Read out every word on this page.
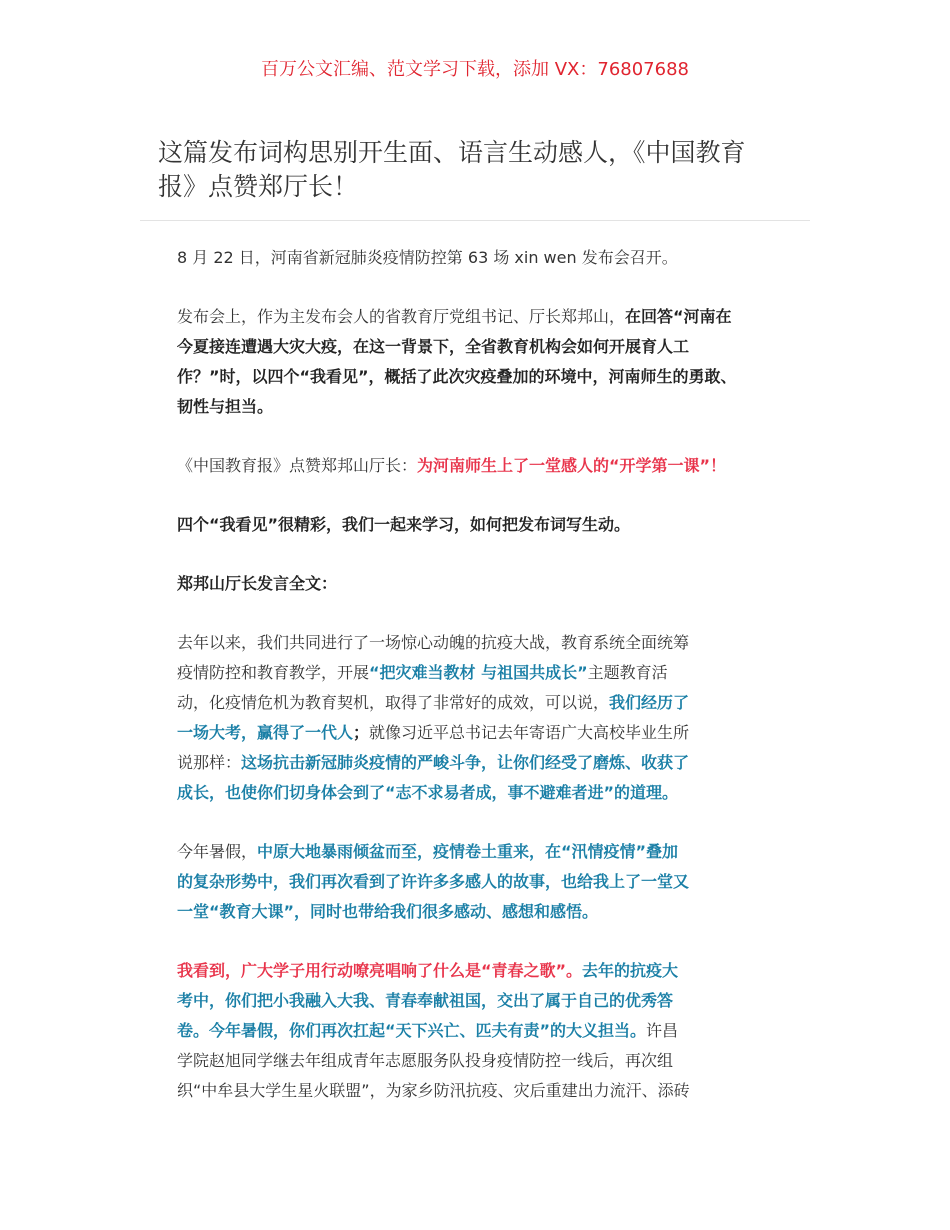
百万公文汇编、范文学习下载，添加 VX：76807688
这篇发布词构思别开生面、语言生动感人，《中国教育
报》点赞郑厅长！
8 月 22 日，河南省新冠肺炎疫情防控第 63 场 xin wen 发布会召开。
发布会上，作为主发布会人的省教育厅党组书记、厅长郑邦山，在回答“河南在
今夏接连遭遇大灾大疫，在这一背景下，全省教育机构会如何开展育人工
作？”时，以四个“我看见”，概括了此次灾疫叠加的环境中，河南师生的勇敢、
韧性与担当。
《中国教育报》点赞郑邦山厅长：为河南师生上了一堂感人的“开学第一课”！
四个“我看见”很精彩，我们一起来学习，如何把发布词写生动。
郑邦山厅长发言全文：
去年以来，我们共同进行了一场惊心动魄的抗疫大战，教育系统全面统筹
疫情防控和教育教学，开展“把灾难当教材 与祖国共成长”主题教育活
动，化疫情危机为教育契机，取得了非常好的成效，可以说，我们经历了
一场大考，赢得了一代人；就像习近平总书记去年寄语广大高校毕业生所
说那样：这场抗击新冠肺炎疫情的严峻斗争，让你们经受了磨炼、收获了
成长，也使你们切身体会到了“志不求易者成，事不避难者进”的道理。
今年暑假，中原大地暴雨倾盆而至，疫情卷土重来，在“汛情疫情”叠加
的复杂形势中，我们再次看到了许许多多感人的故事，也给我上了一堂又
一堂“教育大课”，同时也带给我们很多感动、感想和感悟。
我看到，广大学子用行动嘹亮唱响了什么是“青春之歌”。去年的抗疫大
考中，你们把小我融入大我、青春奉献祖国，交出了属于自己的优秀答
卷。今年暑假，你们再次扛起“天下兴亡、匹夫有责”的大义担当。许昌
学院赵旭同学继去年组成青年志愿服务队投身疫情防控一线后，再次组
织“中牟县大学生星火联盟”，为家乡防汛抗疫、灾后重建出力流汗、添砖
